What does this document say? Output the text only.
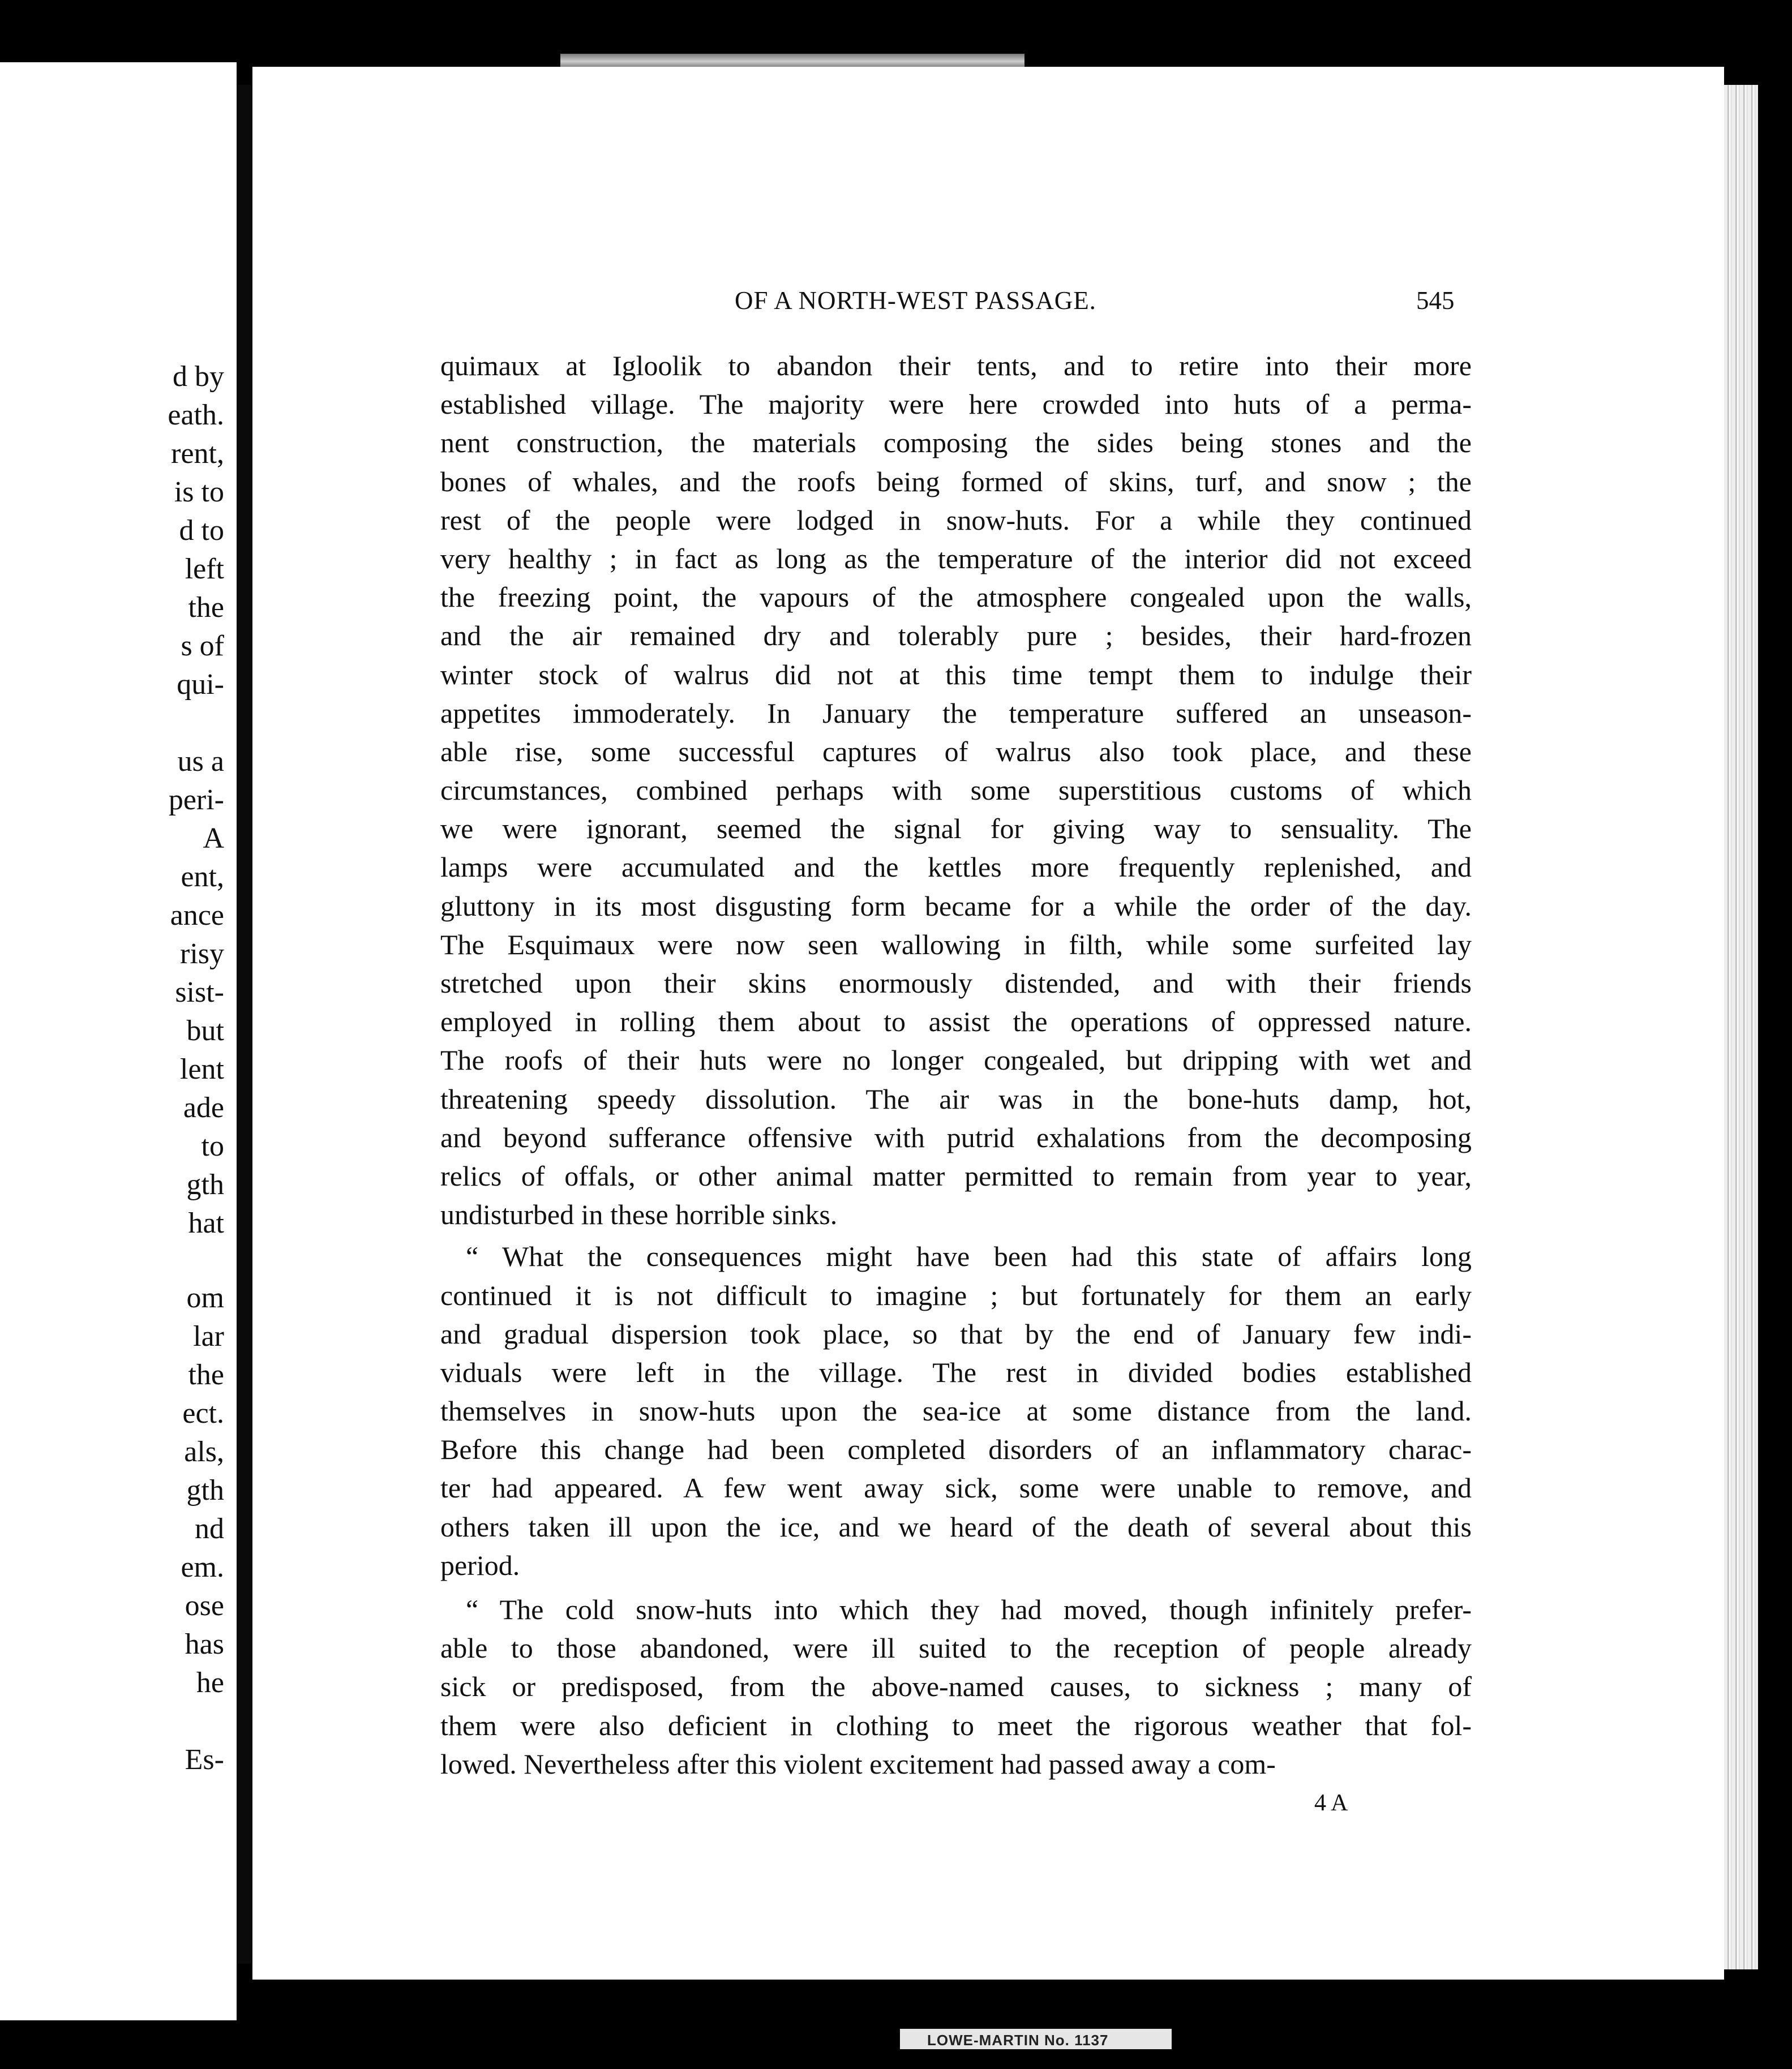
d by
eath.
rent,
is to
d to
left
the
s of
qui-
us a
peri-
A
ent,
ance
risy
sist-
but
lent
ade
to
gth
hat
om
lar
the
ect.
als,
gth
nd
em.
ose
has
he
Es-
OF A NORTH-WEST PASSAGE.	545
quimaux at Igloolik to abandon their tents, and to retire into their more
established village. The majority were here crowded into huts of a perma-
nent construction, the materials composing the sides being stones and the
bones of whales, and the roofs being formed of skins, turf, and snow ; the
rest of the people were lodged in snow-huts. For a while they continued
very healthy ; in fact as long as the temperature of the interior did not exceed
the freezing point, the vapours of the atmosphere congealed upon the walls,
and the air remained dry and tolerably pure ; besides, their hard-frozen
winter stock of walrus did not at this time tempt them to indulge their
appetites immoderately. In January the temperature suffered an unseason-
able rise, some successful captures of walrus also took place, and these
circumstances, combined perhaps with some superstitious customs of which
we were ignorant, seemed the signal for giving way to sensuality. The
lamps were accumulated and the kettles more frequently replenished, and
gluttony in its most disgusting form became for a while the order of the day.
The Esquimaux were now seen wallowing in filth, while some surfeited lay
stretched upon their skins enormously distended, and with their friends
employed in rolling them about to assist the operations of oppressed nature.
The roofs of their huts were no longer congealed, but dripping with wet and
threatening speedy dissolution. The air was in the bone-huts damp, hot,
and beyond sufferance offensive with putrid exhalations from the decomposing
relics of offals, or other animal matter permitted to remain from year to year,
undisturbed in these horrible sinks.
“ What the consequences might have been had this state of affairs long
continued it is not difficult to imagine ; but fortunately for them an early
and gradual dispersion took place, so that by the end of January few indi-
viduals were left in the village. The rest in divided bodies established
themselves in snow-huts upon the sea-ice at some distance from the land.
Before this change had been completed disorders of an inflammatory charac-
ter had appeared. A few went away sick, some were unable to remove, and
others taken ill upon the ice, and we heard of the death of several about this
period.
“ The cold snow-huts into which they had moved, though infinitely prefer-
able to those abandoned, were ill suited to the reception of people already
sick or predisposed, from the above-named causes, to sickness ; many of
them were also deficient in clothing to meet the rigorous weather that fol-
lowed. Nevertheless after this violent excitement had passed away a com-
4 A
LOWE-MARTIN No. 1137
